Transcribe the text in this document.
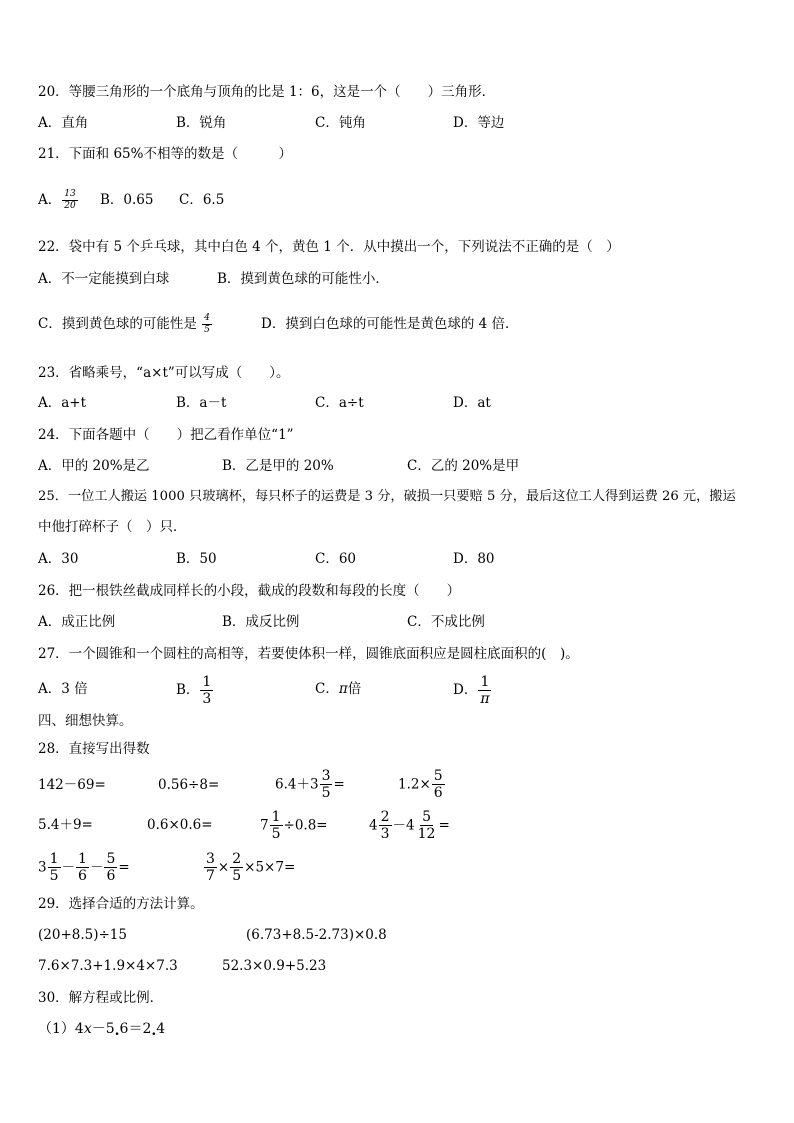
20．等腰三角形的一个底角与顶角的比是 1：6，这是一个（　　）三角形．
A．直角	B．锐角	C．钝角	D．等边
21．下面和 65%不相等的数是（　　　）
A． $\frac{13}{20}$ B．0.65 C．6.5
22．袋中有 5 个乒乓球，其中白色 4 个，黄色 1 个．从中摸出一个，下列说法不正确的是（　）
A．不一定能摸到白球	B．摸到黄色球的可能性小．
C．摸到黄色球的可能性是 $\frac{4}{5}$	D．摸到白色球的可能性是黄色球的 4 倍．
23．省略乘号，“a×t”可以写成（　　）。
A．a+t	B．a－t	C．a÷t	D．at
24．下面各题中（　　）把乙看作单位“1”
A．甲的 20%是乙	B．乙是甲的 20%	C．乙的 20%是甲
25．一位工人搬运 1000 只玻璃杯，每只杯子的运费是 3 分，破损一只要赔 5 分，最后这位工人得到运费 26 元，搬运
中他打碎杯子（　）只．
A．30	B．50	C．60	D．80
26．把一根铁丝截成同样长的小段，截成的段数和每段的长度（　　）
A．成正比例	B．成反比例	C．不成比例
27．一个圆锥和一个圆柱的高相等，若要使体积一样，圆锥底面积应是圆柱底面积的(　)。
A．3 倍	B． $\frac{1}{3}$	C．π倍	D． $\frac{1}{\pi}$
四、细想快算。
28．直接写出得数
142－69=	0.56÷8=	$6.4+3 \frac{3}{5}$ =	$1.2\times \frac{5}{6}$
5.4＋9=	0.6×0.6=	$7 \frac{1}{5} \div 0.8=$	$4 \frac{2}{3} -4 \frac{5}{12}$ =
$3 \frac{1}{5} - \frac{1}{6} - \frac{5}{6}$ =	$\frac{3}{7} \times \frac{2}{5} \times 5\times 7=$
29．选择合适的方法计算。
(20+8.5)÷15	(6.73+8.5-2.73)×0.8
7.6×7.3+1.9×4×7.3	52.3×0.9+5.23
30．解方程或比例．
（1）4x－5.6＝2.4
